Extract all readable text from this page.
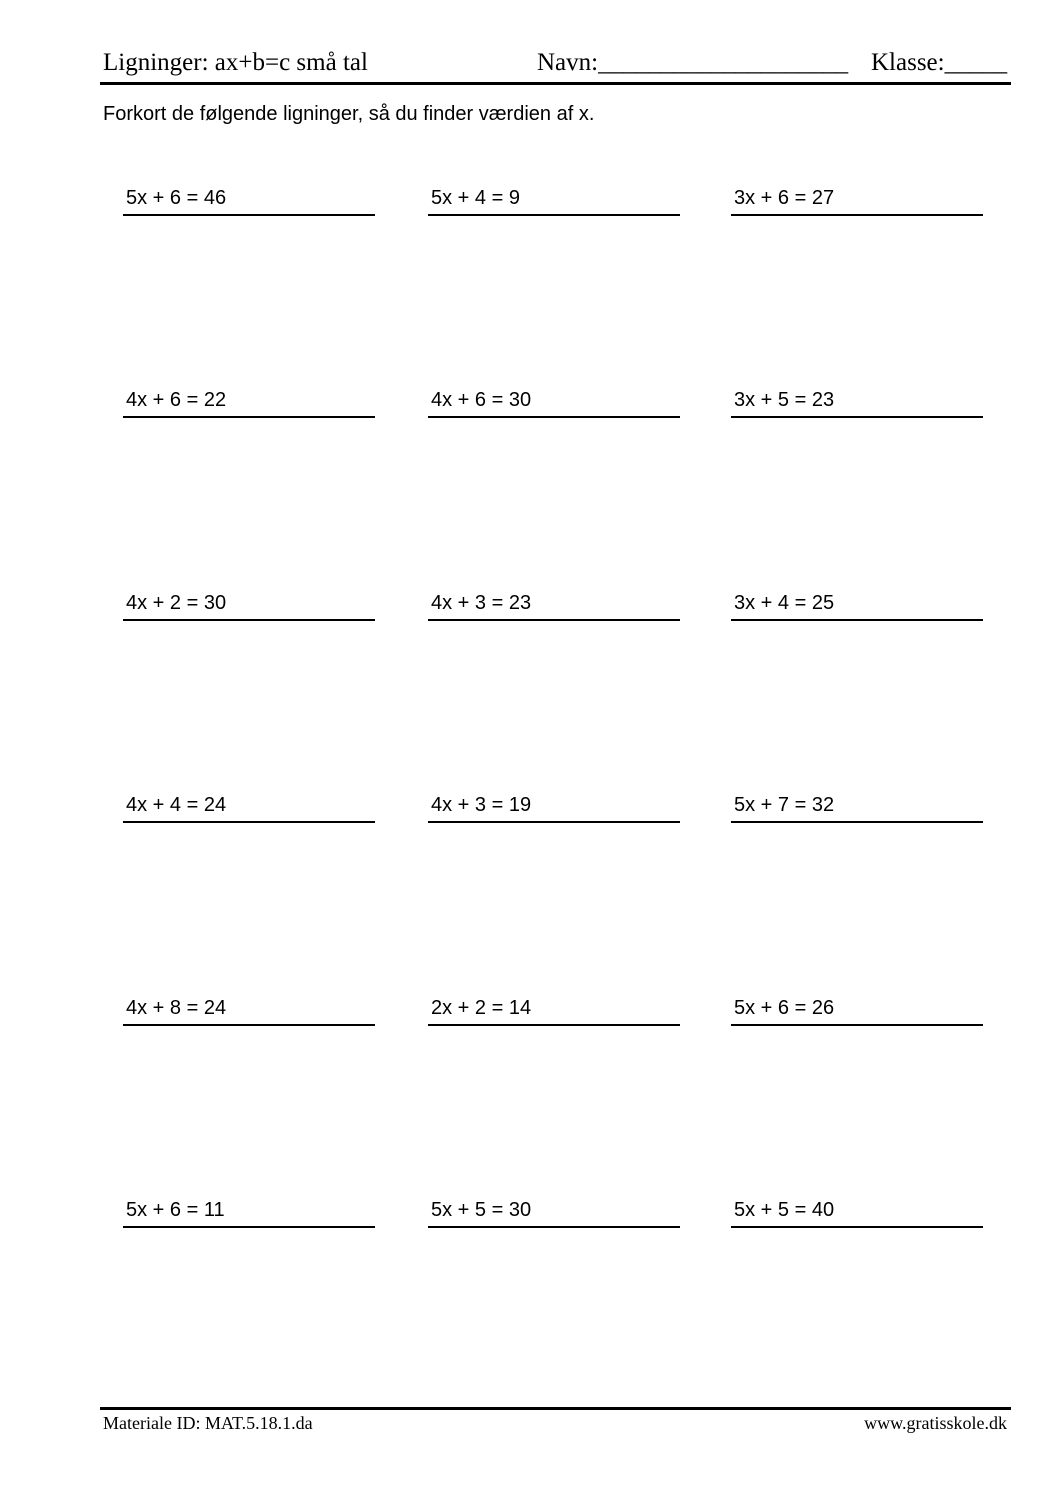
Ligninger: ax+b=c små tal	Navn:____________________ Klasse:_____
Forkort de følgende ligninger, så du finder værdien af x.
5x + 6 = 46	5x + 4 = 9	3x + 6 = 27
4x + 6 = 22	4x + 6 = 30	3x + 5 = 23
4x + 2 = 30	4x + 3 = 23	3x + 4 = 25
4x + 4 = 24	4x + 3 = 19	5x + 7 = 32
4x + 8 = 24	2x + 2 = 14	5x + 6 = 26
5x + 6 = 11	5x + 5 = 30	5x + 5 = 40
Materiale ID: MAT.5.18.1.da	www.gratisskole.dk
